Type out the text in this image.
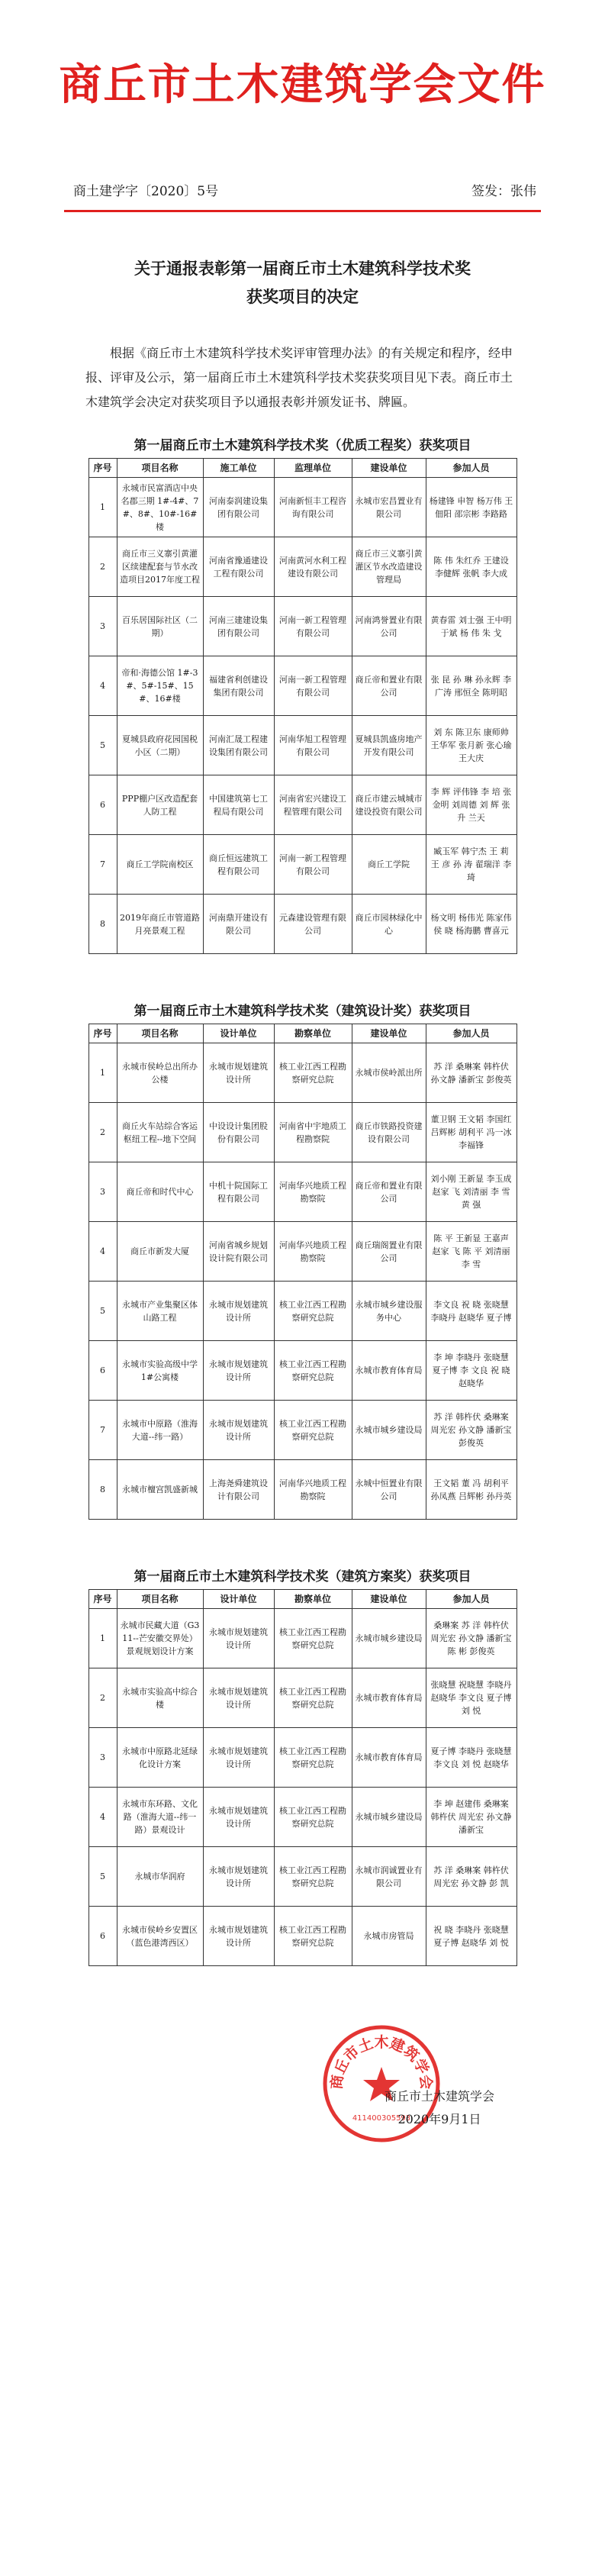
商丘市土木建筑学会文件
商土建学字〔2020〕5号	签发：张伟
关于通报表彰第一届商丘市土木建筑科学技术奖
获奖项目的决定

根据《商丘市土木建筑科学技术奖评审管理办法》的有关规定和程序，经申报、评审及公示，第一届商丘市土木建筑科学技术奖获奖项目见下表。商丘市土木建筑学会决定对获奖项目予以通报表彰并颁发证书、牌匾。

第一届商丘市土木建筑科学技术奖（优质工程奖）获奖项目
序号	项目名称	施工单位	监理单位	建设单位	参加人员
1	永城市民富酒店中央名郡三期 1#-4#、7#、8#、10#-16#楼	河南泰润建设集团有限公司	河南新恒丰工程咨询有限公司	永城市宏昌置业有限公司	杨建锋 申智 杨万伟 王佃阳 邵宗彬 李路路
2	商丘市三义寨引黄灌区续建配套与节水改造项目2017年度工程	河南省豫通建设工程有限公司	河南黄河水利工程建设有限公司	商丘市三义寨引黄灌区节水改造建设管理局	陈 伟 朱红乔 王建设 李健辉 张帆 李大成
3	百乐居国际社区（二期）	河南三建建设集团有限公司	河南一新工程管理有限公司	河南鸿誉置业有限公司	黄春雷 刘士强 王中明 于斌 杨 伟 朱 戈
4	帝和·海德公馆 1#-3#、5#-15#、15#、16#楼	福建省利创建设集团有限公司	河南一新工程管理有限公司	商丘帝和置业有限公司	张 昆 孙 琳 孙永辉 李广涛 邢恒全 陈明昭
5	夏城县政府花园国税小区（二期）	河南汇晟工程建设集团有限公司	河南华旭工程管理有限公司	夏城县凯盛房地产开发有限公司	刘 东 陈卫东 康师帅 王华军 张月新 张心瑜 王大庆
6	PPP棚户区改造配套人防工程	中国建筑第七工程局有限公司	河南省宏兴建设工程管理有限公司	商丘市建云城城市建设投资有限公司	李 辉 评伟锋 李 培 张金明 刘周德 刘 辉 张升 兰天
7	商丘工学院南校区	商丘恒远建筑工程有限公司	河南一新工程管理有限公司	商丘工学院	臧玉军 韩宁杰 王 莉 王 彦 孙 涛 翟瑞洋 李 琦
8	2019年商丘市管道路月亮景观工程	河南鼎开建设有限公司	元森建设管理有限公司	商丘市园林绿化中心	杨文明 杨伟光 陈家伟 侯 晓 杨海鹏 曹喜元
第一届商丘市土木建筑科学技术奖（建筑设计奖）获奖项目
序号	项目名称	设计单位	勘察单位	建设单位	参加人员
1	永城市侯岭总出所办公楼	永城市规划建筑设计所	核工业江西工程勘察研究总院	永城市侯岭派出所	苏 洋 桑琳案 韩杵伏 孙文静 潘新宝 彭俊英
2	商丘火车站综合客运枢纽工程--地下空间	中设设计集团股份有限公司	河南省中宇地质工程勘察院	商丘市铁路投资建设有限公司	董卫钢 王文韬 李国红 吕辉彬 胡利平 冯一冰 李福锋
3	商丘帝和时代中心	中机十院国际工程有限公司	河南华兴地质工程勘察院	商丘帝和置业有限公司	刘小刚 王新显 李玉成 赵家 飞 刘清丽 李 雪 黄 强
4	商丘市新发大厦	河南省城乡规划设计院有限公司	河南华兴地质工程勘察院	商丘瑞阁置业有限公司	陈 平 王新显 王嘉声 赵家 飞 陈 平 刘清丽 李 雪
5	永城市产业集聚区体山路工程	永城市规划建筑设计所	核工业江西工程勘察研究总院	永城市城乡建设服务中心	李文良 祝 晓 张晓慧 李晓丹 赵晓华 夏子博
6	永城市实验高级中学 1#公寓楼	永城市规划建筑设计所	核工业江西工程勘察研究总院	永城市教育体育局	李 坤 李晓丹 张晓慧 夏子博 李 文良 祝 晓 赵晓华
7	永城市中原路（淮海大道--纬一路）	永城市规划建筑设计所	核工业江西工程勘察研究总院	永城市城乡建设局	苏 洋 韩杵伏 桑琳案 周光宏 孙文静 潘新宝 彭俊英
8	永城市檀宫凯盛新城	上海尧舜建筑设计有限公司	河南华兴地质工程勘察院	永城中恒置业有限公司	王文韬 董 冯 胡利平 孙凤燕 吕辉彬 孙丹英
第一届商丘市土木建筑科学技术奖（建筑方案奖）获奖项目
序号	项目名称	设计单位	勘察单位	建设单位	参加人员
1	永城市民藏大道（G311--芒安徽交界处）景观规划设计方案	永城市规划建筑设计所	核工业江西工程勘察研究总院	永城市城乡建设局	桑琳案 苏 洋 韩杵伏 周光宏 孙文静 潘新宝 陈 彬 彭俊英
2	永城市实验高中综合楼	永城市规划建筑设计所	核工业江西工程勘察研究总院	永城市教育体育局	张晓慧 祝晓慧 李晓丹 赵晓华 李文良 夏子博 刘 悦
3	永城市中原路北延绿化设计方案	永城市规划建筑设计所	核工业江西工程勘察研究总院	永城市教育体育局	夏子博 李晓丹 张晓慧 李文良 刘 悦 赵晓华
4	永城市东环路、文化路（淮海大道--纬一路）景观设计	永城市规划建筑设计所	核工业江西工程勘察研究总院	永城市城乡建设局	李 坤 赵建伟 桑琳案 韩杵伏 周光宏 孙文静 潘新宝
5	永城市华润府	永城市规划建筑设计所	核工业江西工程勘察研究总院	永城市润诚置业有限公司	苏 洋 桑琳案 韩杵伏 周光宏 孙文静 彭 凯
6	永城市侯岭乡安置区（蓝色港湾西区）	永城市规划建筑设计所	核工业江西工程勘察研究总院	永城市房管局	祝 晓 李晓丹 张晓慧 夏子博 赵晓华 刘 悦
商丘市土木建筑学会
411400305593
商丘市土木建筑学会
2020年9月1日
